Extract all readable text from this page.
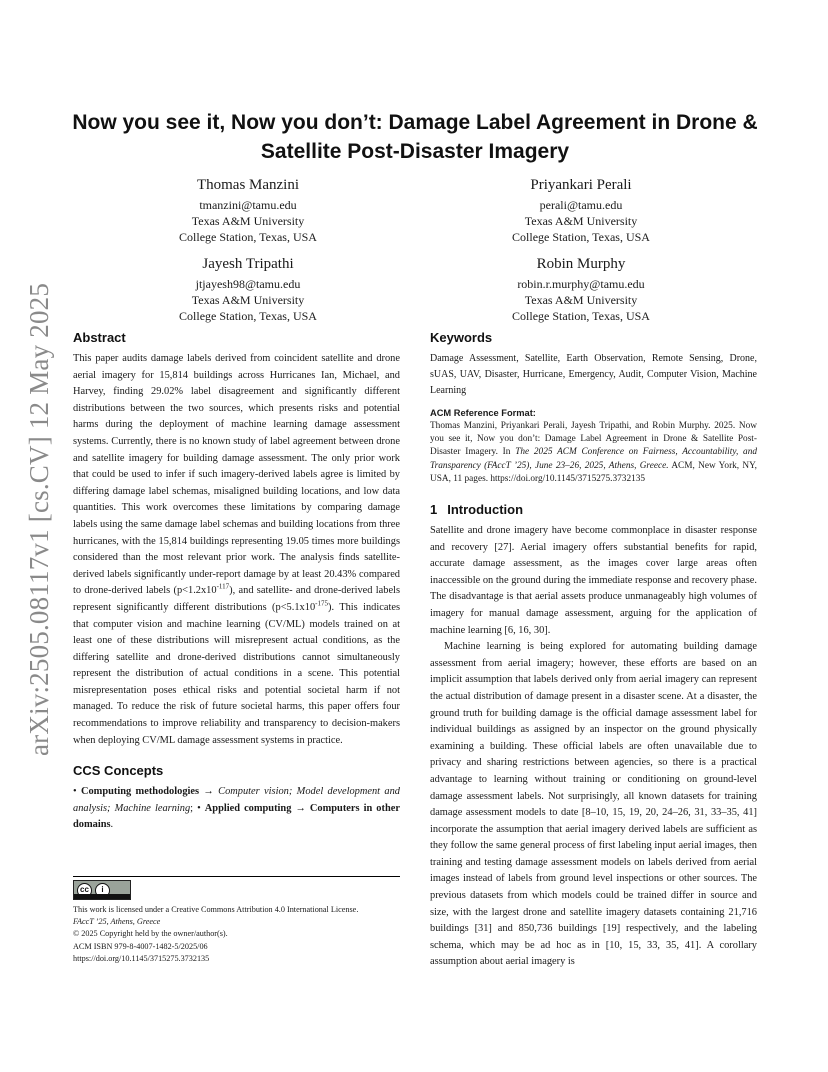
arXiv:2505.08117v1 [cs.CV] 12 May 2025
Now you see it, Now you don’t: Damage Label Agreement in Drone & Satellite Post-Disaster Imagery
Thomas Manzini
tmanzini@tamu.edu
Texas A&M University
College Station, Texas, USA
Priyankari Perali
perali@tamu.edu
Texas A&M University
College Station, Texas, USA
Jayesh Tripathi
jtjayesh98@tamu.edu
Texas A&M University
College Station, Texas, USA
Robin Murphy
robin.r.murphy@tamu.edu
Texas A&M University
College Station, Texas, USA
Abstract

This paper audits damage labels derived from coincident satellite and drone aerial imagery for 15,814 buildings across Hurricanes Ian, Michael, and Harvey, finding 29.02% label disagreement and significantly different distributions between the two sources, which presents risks and potential harms during the deployment of machine learning damage assessment systems. Currently, there is no known study of label agreement between drone and satellite imagery for building damage assessment. The only prior work that could be used to infer if such imagery-derived labels agree is limited by differing damage label schemas, misaligned building locations, and low data quantities. This work overcomes these limitations by comparing damage labels using the same damage label schemas and building locations from three hurricanes, with the 15,814 buildings representing 19.05 times more buildings considered than the most relevant prior work. The analysis finds satellite-derived labels significantly under-report damage by at least 20.43% compared to drone-derived labels $(p<1.2x10^{-117})$, and satellite- and drone-derived labels represent significantly different distributions $(p<5.1x10^{-175})$. This indicates that computer vision and machine learning (CV/ML) models trained on at least one of these distributions will misrepresent actual conditions, as the differing satellite and drone-derived distributions cannot simultaneously represent the distribution of actual conditions in a scene. This potential misrepresentation poses ethical risks and potential societal harm if not managed. To reduce the risk of future societal harms, this paper offers four recommendations to improve reliability and transparency to decision-makers when deploying CV/ML damage assessment systems in practice.

CCS Concepts

• Computing methodologies → Computer vision; Model development and analysis; Machine learning; • Applied computing → Computers in other domains.

Keywords

Damage Assessment, Satellite, Earth Observation, Remote Sensing, Drone, sUAS, UAV, Disaster, Hurricane, Emergency, Audit, Computer Vision, Machine Learning

ACM Reference Format:

Thomas Manzini, Priyankari Perali, Jayesh Tripathi, and Robin Murphy. 2025. Now you see it, Now you don’t: Damage Label Agreement in Drone & Satellite Post-Disaster Imagery. In The 2025 ACM Conference on Fairness, Accountability, and Transparency (FAccT ’25), June 23–26, 2025, Athens, Greece. ACM, New York, NY, USA, 11 pages. https://doi.org/10.1145/3715275.3732135

1 Introduction

Satellite and drone imagery have become commonplace in disaster response and recovery [27]. Aerial imagery offers substantial benefits for rapid, accurate damage assessment, as the images cover large areas often inaccessible on the ground during the immediate response and recovery phase. The disadvantage is that aerial assets produce unmanageably high volumes of imagery for manual damage assessment, arguing for the application of machine learning [6, 16, 30].

Machine learning is being explored for automating building damage assessment from aerial imagery; however, these efforts are based on an implicit assumption that labels derived only from aerial imagery can represent the actual distribution of damage present in a disaster scene. At a disaster, the ground truth for building damage is the official damage assessment label for individual buildings as assigned by an inspector on the ground physically examining a building. These official labels are often unavailable due to privacy and sharing restrictions between agencies, so there is a practical advantage to learning without training or conditioning on ground-level damage assessment labels. Not surprisingly, all known datasets for training damage assessment models to date [8–10, 15, 19, 20, 24–26, 31, 33–35, 41] incorporate the assumption that aerial imagery derived labels are sufficient as they follow the same general process of first labeling input aerial images, then training and testing damage assessment models on labels derived from aerial images instead of labels from ground level inspections or other sources. The previous datasets from which models could be trained differ in source and size, with the largest drone and satellite imagery datasets containing 21,716 buildings [31] and 850,736 buildings [19] respectively, and the labeling schema, which may be ad hoc as in [10, 15, 33, 35, 41]. A corollary assumption about aerial imagery is

cc	i
This work is licensed under a Creative Commons Attribution 4.0 International License.
FAccT ’25, Athens, Greece
© 2025 Copyright held by the owner/author(s).
ACM ISBN 979-8-4007-1482-5/2025/06
https://doi.org/10.1145/3715275.3732135
